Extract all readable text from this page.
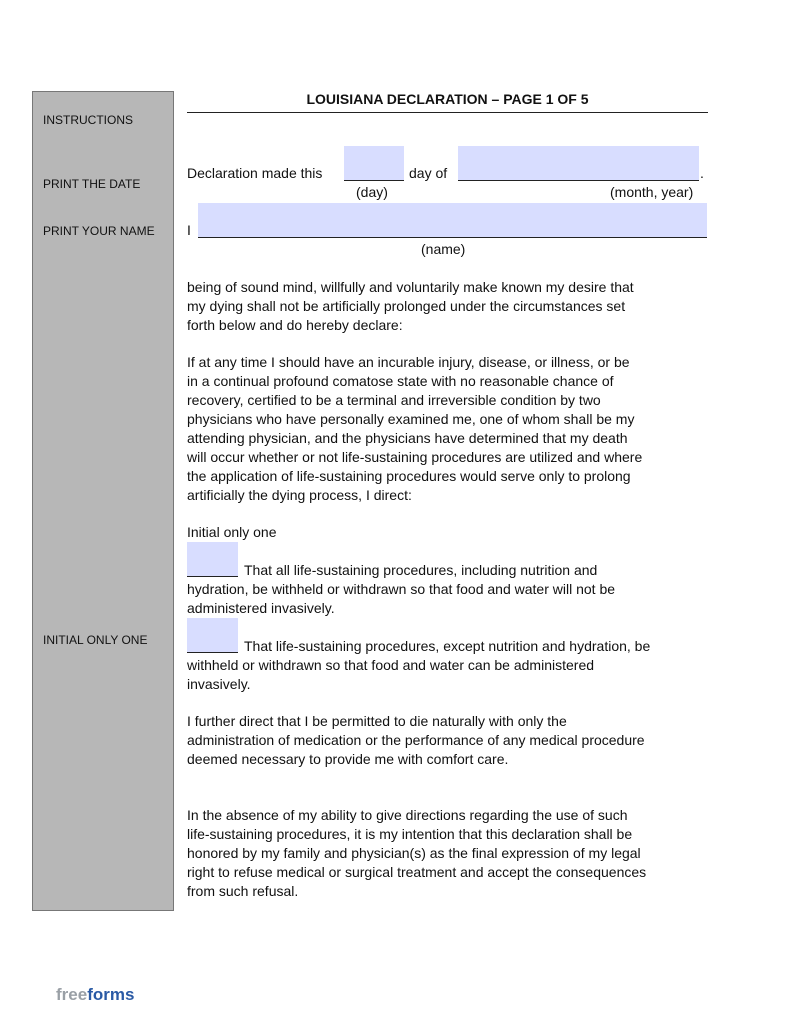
INSTRUCTIONS
PRINT THE DATE
PRINT YOUR NAME
INITIAL ONLY ONE
LOUISIANA DECLARATION – PAGE 1 OF 5
Declaration made this	day of	.
(day)	(month, year)
I
(name)
being of sound mind, willfully and voluntarily make known my desire that
my dying shall not be artificially prolonged under the circumstances set
forth below and do hereby declare:
If at any time I should have an incurable injury, disease, or illness, or be
in a continual profound comatose state with no reasonable chance of
recovery, certified to be a terminal and irreversible condition by two
physicians who have personally examined me, one of whom shall be my
attending physician, and the physicians have determined that my death
will occur whether or not life-sustaining procedures are utilized and where
the application of life-sustaining procedures would serve only to prolong
artificially the dying process, I direct:
Initial only one
That all life-sustaining procedures, including nutrition and
hydration, be withheld or withdrawn so that food and water will not be
administered invasively.
That life-sustaining procedures, except nutrition and hydration, be
withheld or withdrawn so that food and water can be administered
invasively.
I further direct that I be permitted to die naturally with only the
administration of medication or the performance of any medical procedure
deemed necessary to provide me with comfort care.
In the absence of my ability to give directions regarding the use of such
life-sustaining procedures, it is my intention that this declaration shall be
honored by my family and physician(s) as the final expression of my legal
right to refuse medical or surgical treatment and accept the consequences
from such refusal.
freeforms
